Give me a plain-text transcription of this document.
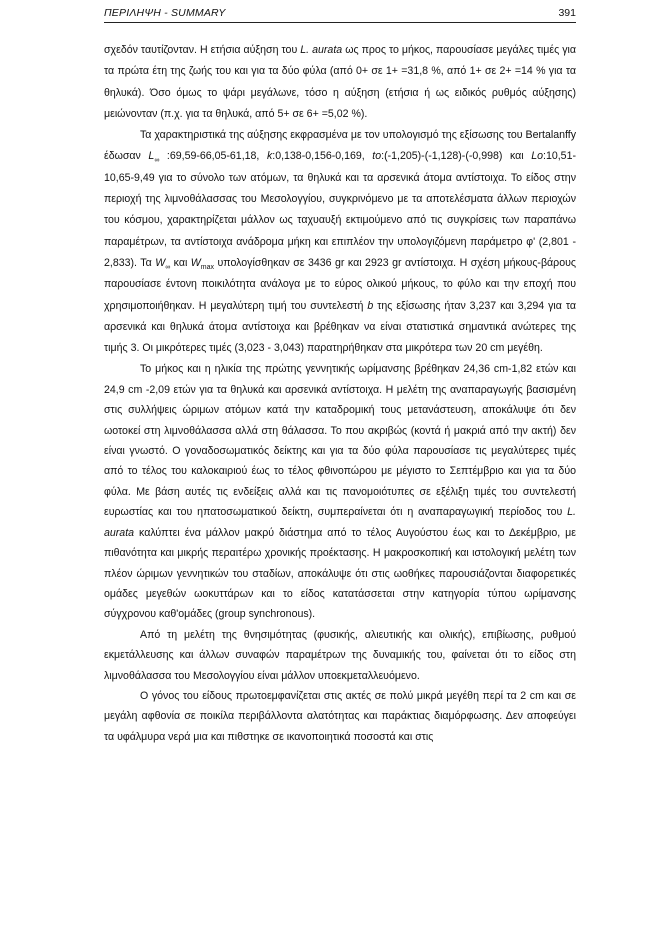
ΠΕΡΙΛΗΨΗ - SUMMARY	391

σχεδόν ταυτίζονταν. Η ετήσια αύξηση του L. aurata ως προς το μήκος, παρουσίασε μεγάλες τιμές για τα πρώτα έτη της ζωής του και για τα δύο φύλα (από 0+ σε 1+ =31,8 %, από 1+ σε 2+ =14 % για τα θηλυκά). Όσο όμως το ψάρι μεγάλωνε, τόσο η αύξηση (ετήσια ή ως ειδικός ρυθμός αύξησης) μειώνονταν (π.χ. για τα θηλυκά, από 5+ σε 6+ =5,02 %).

Τα χαρακτηριστικά της αύξησης εκφρασμένα με τον υπολογισμό της εξίσωσης του Bertalanffy έδωσαν $L_\infty$ :69,59-66,05-61,18, k:0,138-0,156-0,169, to:(-1,205)-(-1,128)-(-0,998) και Lo:10,51-10,65-9,49 για το σύνολο των ατόμων, τα θηλυκά και τα αρσενικά άτομα αντίστοιχα. Το είδος στην περιοχή της λιμνοθάλασσας του Μεσολογγίου, συγκρινόμενο με τα αποτελέσματα άλλων περιοχών του κόσμου, χαρακτηρίζεται μάλλον ως ταχυαυξή εκτιμούμενο από τις συγκρίσεις των παραπάνω παραμέτρων, τα αντίστοιχα ανάδρομα μήκη και επιπλέον την υπολογιζόμενη παράμετρο φ' (2,801 - 2,833). Τα $W_\infty$ και $W_{max}$ υπολογίσθηκαν σε 3436 gr και 2923 gr αντίστοιχα. Η σχέση μήκους-βάρους παρουσίασε έντονη ποικιλότητα ανάλογα με το εύρος ολικού μήκους, το φύλο και την εποχή που χρησιμοποιήθηκαν. Η μεγαλύτερη τιμή του συντελεστή b της εξίσωσης ήταν 3,237 και 3,294 για τα αρσενικά και θηλυκά άτομα αντίστοιχα και βρέθηκαν να είναι στατιστικά σημαντικά ανώτερες της τιμής 3. Οι μικρότερες τιμές (3,023 - 3,043) παρατηρήθηκαν στα μικρότερα των 20 cm μεγέθη.

Το μήκος και η ηλικία της πρώτης γεννητικής ωρίμανσης βρέθηκαν 24,36 cm-1,82 ετών και 24,9 cm -2,09 ετών για τα θηλυκά και αρσενικά αντίστοιχα. Η μελέτη της αναπαραγωγής βασισμένη στις συλλήψεις ώριμων ατόμων κατά την καταδρομική τους μετανάστευση, αποκάλυψε ότι δεν ωοτοκεί στη λιμνοθάλασσα αλλά στη θάλασσα. Το που ακριβώς (κοντά ή μακριά από την ακτή) δεν είναι γνωστό. Ο γοναδοσωματικός δείκτης και για τα δύο φύλα παρουσίασε τις μεγαλύτερες τιμές από το τέλος του καλοκαιριού έως το τέλος φθινοπώρου με μέγιστο το Σεπτέμβριο και για τα δύο φύλα. Με βάση αυτές τις ενδείξεις αλλά και τις πανομοιότυπες σε εξέλιξη τιμές του συντελεστή ευρωστίας και του ηπατοσωματικού δείκτη, συμπεραίνεται ότι η αναπαραγωγική περίοδος του L. aurata καλύπτει ένα μάλλον μακρύ διάστημα από το τέλος Αυγούστου έως και το Δεκέμβριο, με πιθανότητα και μικρής περαιτέρω χρονικής προέκτασης. Η μακροσκοπική και ιστολογική μελέτη των πλέον ώριμων γεννητικών του σταδίων, αποκάλυψε ότι στις ωοθήκες παρουσιάζονται διαφορετικές ομάδες μεγεθών ωοκυττάρων και το είδος κατατάσσεται στην κατηγορία τύπου ωρίμανσης σύγχρονου καθ'ομάδες (group synchronous).

Από τη μελέτη της θνησιμότητας (φυσικής, αλιευτικής και ολικής), επιβίωσης, ρυθμού εκμετάλλευσης και άλλων συναφών παραμέτρων της δυναμικής του, φαίνεται ότι το είδος στη λιμνοθάλασσα του Μεσολογγίου είναι μάλλον υποεκμεταλλευόμενο.

Ο γόνος του είδους πρωτοεμφανίζεται στις ακτές σε πολύ μικρά μεγέθη περί τα 2 cm και σε μεγάλη αφθονία σε ποικίλα περιβάλλοντα αλατότητας και παράκτιας διαμόρφωσης. Δεν αποφεύγει τα υφάλμυρα νερά μια και πιθστηκε σε ικανοποιητικά ποσοστά και στις
